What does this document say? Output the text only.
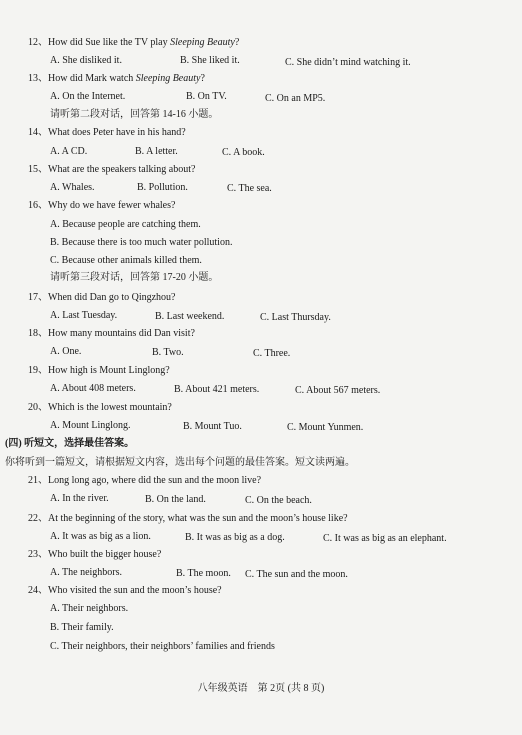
12、How did Sue like the TV play Sleeping Beauty?
A. She disliked it.	B. She liked it.	C. She didn’t mind watching it.
13、How did Mark watch Sleeping Beauty?
A. On the Internet.	B. On TV.	C. On an MP5.
请听第二段对话，回答第 14-16 小题。
14、What does Peter have in his hand?
A. A CD.	B. A letter.	C. A book.
15、What are the speakers talking about?
A. Whales.	B. Pollution.	C. The sea.
16、Why do we have fewer whales?
A. Because people are catching them.
B. Because there is too much water pollution.
C. Because other animals killed them.
请听第三段对话，回答第 17-20 小题。
17、When did Dan go to Qingzhou?
A. Last Tuesday.	B. Last weekend.	C. Last Thursday.
18、How many mountains did Dan visit?
A. One.	B. Two.	C. Three.
19、How high is Mount Linglong?
A. About 408 meters.	B. About 421 meters.	C. About 567 meters.
20、Which is the lowest mountain?
A. Mount Linglong.	B. Mount Tuo.	C. Mount Yunmen.
(四) 听短文，选择最佳答案。
你将听到一篇短文，请根据短文内容，选出每个问题的最佳答案。短文读两遍。
21、Long long ago, where did the sun and the moon live?
A. In the river.	B. On the land.	C. On the beach.
22、At the beginning of the story, what was the sun and the moon’s house like?
A. It was as big as a lion.	B. It was as big as a dog.	C. It was as big as an elephant.
23、Who built the bigger house?
A. The neighbors.	B. The moon. C. The sun and the moon.
24、Who visited the sun and the moon’s house?
A. Their neighbors.
B. Their family.
C. Their neighbors, their neighbors’ families and friends
八年级英语　第 2页 (共 8 页)
